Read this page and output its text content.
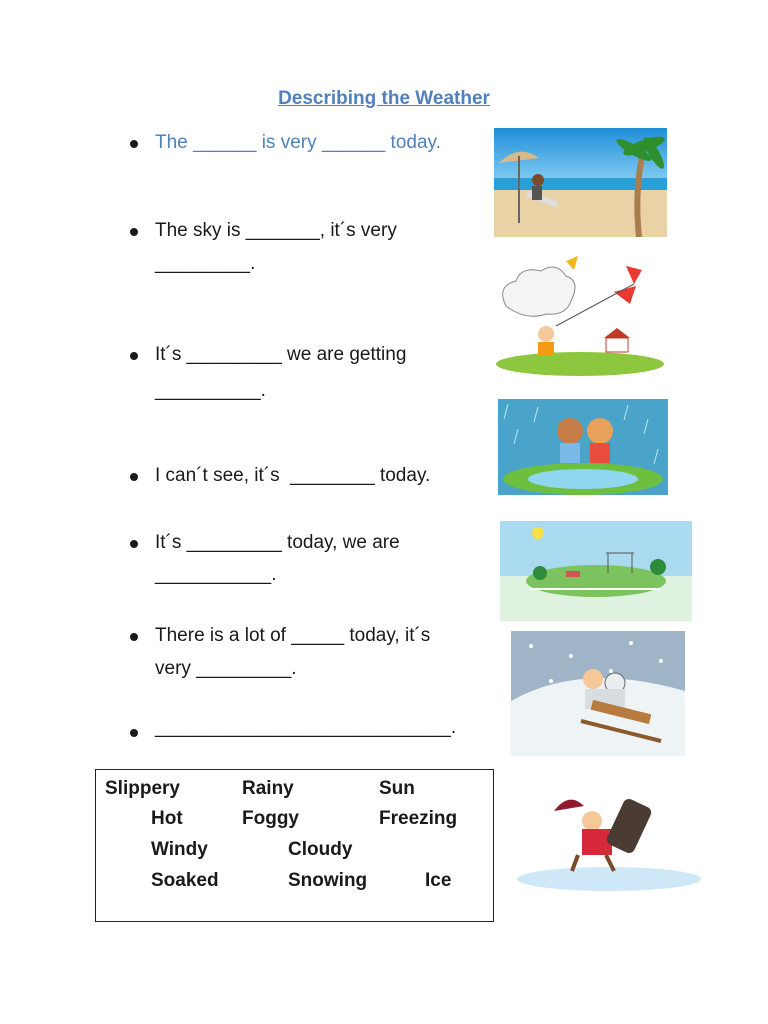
Describing the Weather
The ______ is very ______ today.
The sky is _______, it´s very
_________.
It´s _________ we are getting
__________.
I can´t see, it´s  ________ today.
It´s _________ today, we are
___________.
There is a lot of _____ today, it´s
very _________.
____________________________.
Slippery	Rainy	Sun
Hot	Foggy	Freezing
Windy	Cloudy
Soaked	Snowing	Ice
